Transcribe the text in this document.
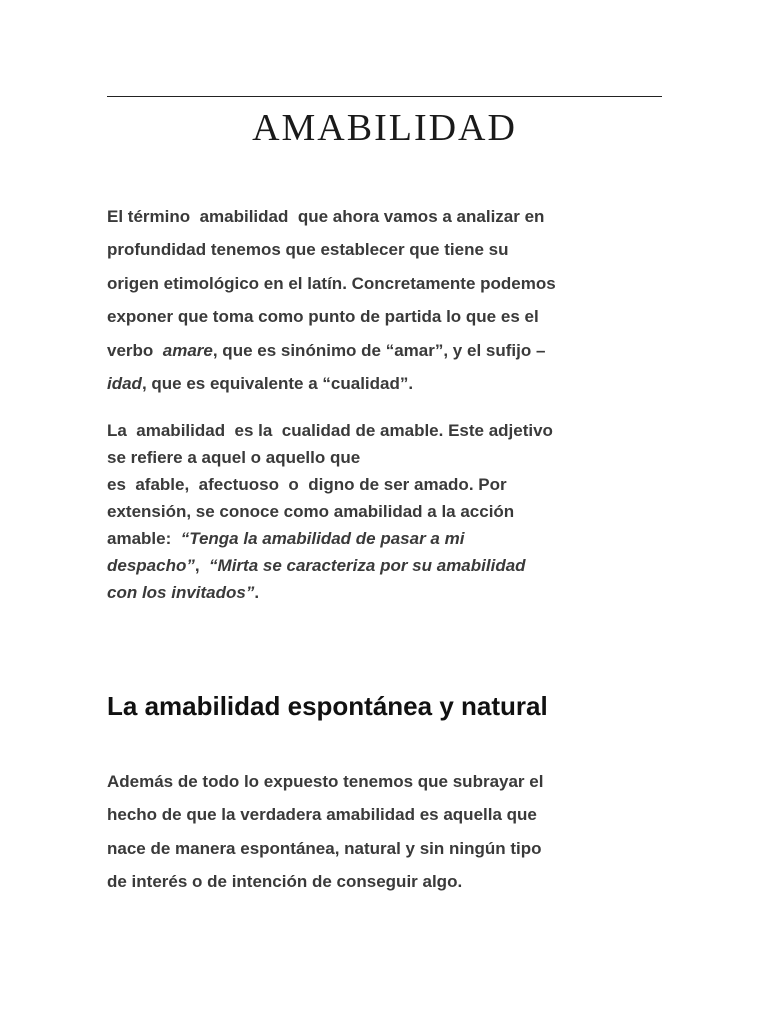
AMABILIDAD

El término  amabilidad  que ahora vamos a analizar en
profundidad tenemos que establecer que tiene su
origen etimológico en el latín. Concretamente podemos
exponer que toma como punto de partida lo que es el
verbo  amare, que es sinónimo de “amar”, y el sufijo –
idad, que es equivalente a “cualidad”.

La  amabilidad  es la  cualidad de amable. Este adjetivo
se refiere a aquel o aquello que
es  afable,  afectuoso  o  digno de ser amado. Por
extensión, se conoce como amabilidad a la acción
amable:  “Tenga la amabilidad de pasar a mi
despacho”,  “Mirta se caracteriza por su amabilidad
con los invitados”.

La amabilidad espontánea y natural

Además de todo lo expuesto tenemos que subrayar el
hecho de que la verdadera amabilidad es aquella que
nace de manera espontánea, natural y sin ningún tipo
de interés o de intención de conseguir algo.
